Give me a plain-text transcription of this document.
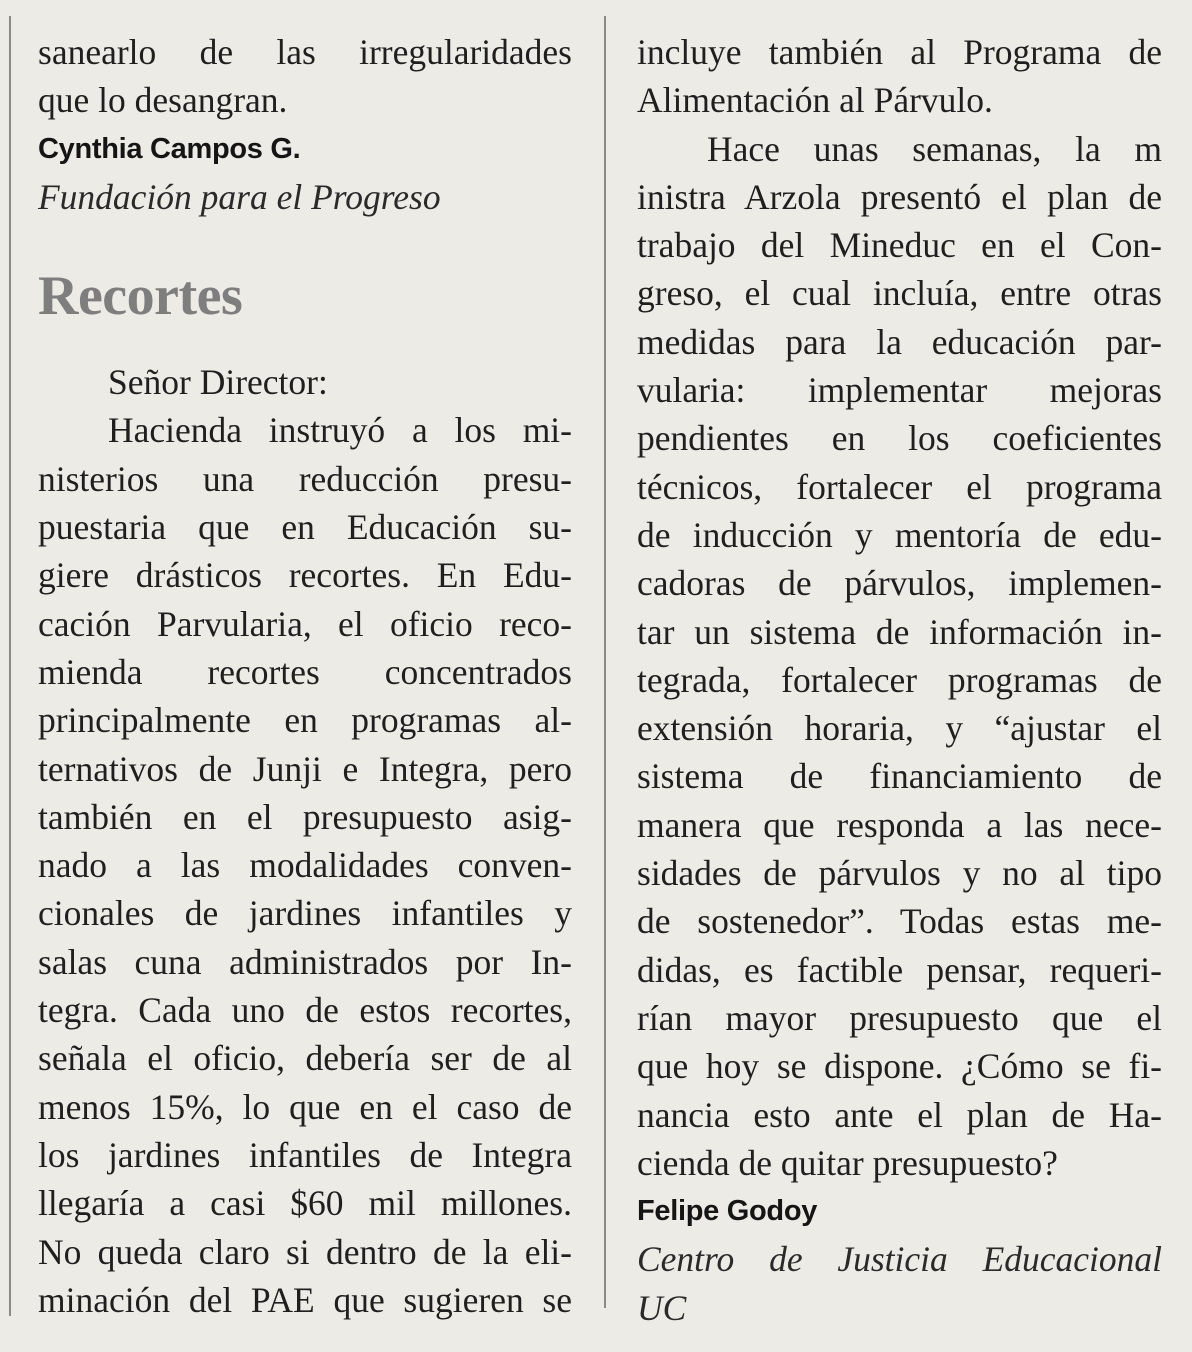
sanearlo de las irregularidades
que lo desangran.
Cynthia Campos G.
Fundación para el Progreso
Recortes
Señor Director:
Hacienda instruyó a los mi-
nisterios una reducción presu-
puestaria que en Educación su-
giere drásticos recortes. En Edu-
cación Parvularia, el oficio reco-
mienda recortes concentrados
principalmente en programas al-
ternativos de Junji e Integra, pero
también en el presupuesto asig-
nado a las modalidades conven-
cionales de jardines infantiles y
salas cuna administrados por In-
tegra. Cada uno de estos recortes,
señala el oficio, debería ser de al
menos 15%, lo que en el caso de
los jardines infantiles de Integra
llegaría a casi $60 mil millones.
No queda claro si dentro de la eli-
minación del PAE que sugieren se
incluye también al Programa de
Alimentación al Párvulo.
Hace unas semanas, la m
inistra Arzola presentó el plan de
trabajo del Mineduc en el Con-
greso, el cual incluía, entre otras
medidas para la educación par-
vularia: implementar mejoras
pendientes en los coeficientes
técnicos, fortalecer el programa
de inducción y mentoría de edu-
cadoras de párvulos, implemen-
tar un sistema de información in-
tegrada, fortalecer programas de
extensión horaria, y “ajustar el
sistema de financiamiento de
manera que responda a las nece-
sidades de párvulos y no al tipo
de sostenedor”. Todas estas me-
didas, es factible pensar, requeri-
rían mayor presupuesto que el
que hoy se dispone. ¿Cómo se fi-
nancia esto ante el plan de Ha-
cienda de quitar presupuesto?
Felipe Godoy
Centro de Justicia Educacional
UC
